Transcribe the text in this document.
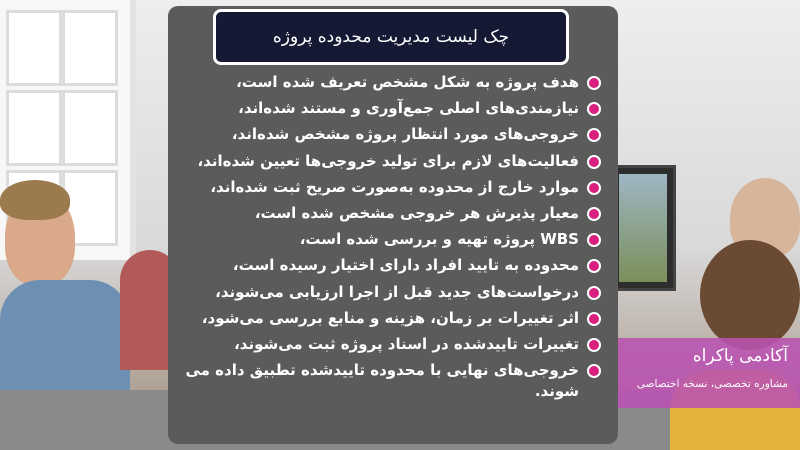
چک لیست مدیریت محدوده پروژه
هدف پروژه به شکل مشخص تعریف شده است،
نیازمندی‌های اصلی جمع‌آوری و مستند شده‌اند،
خروجی‌های مورد انتظار پروژه مشخص شده‌اند،
فعالیت‌های لازم برای تولید خروجی‌ها تعیین شده‌اند،
موارد خارج از محدوده به‌صورت صریح ثبت شده‌اند،
معیار پذیرش هر خروجی مشخص شده است،
WBS پروژه تهیه و بررسی شده است،
محدوده به تایید افراد دارای اختیار رسیده است،
درخواست‌های جدید قبل از اجرا ارزیابی می‌شوند،
اثر تغییرات بر زمان، هزینه و منابع بررسی می‌شود،
تغییرات تاییدشده در اسناد پروژه ثبت می‌شوند،
خروجی‌های نهایی با محدوده تاییدشده تطبیق داده می شوند.
آکادمی پاکراه
مشاوره تخصصی، نسخه اختصاصی
